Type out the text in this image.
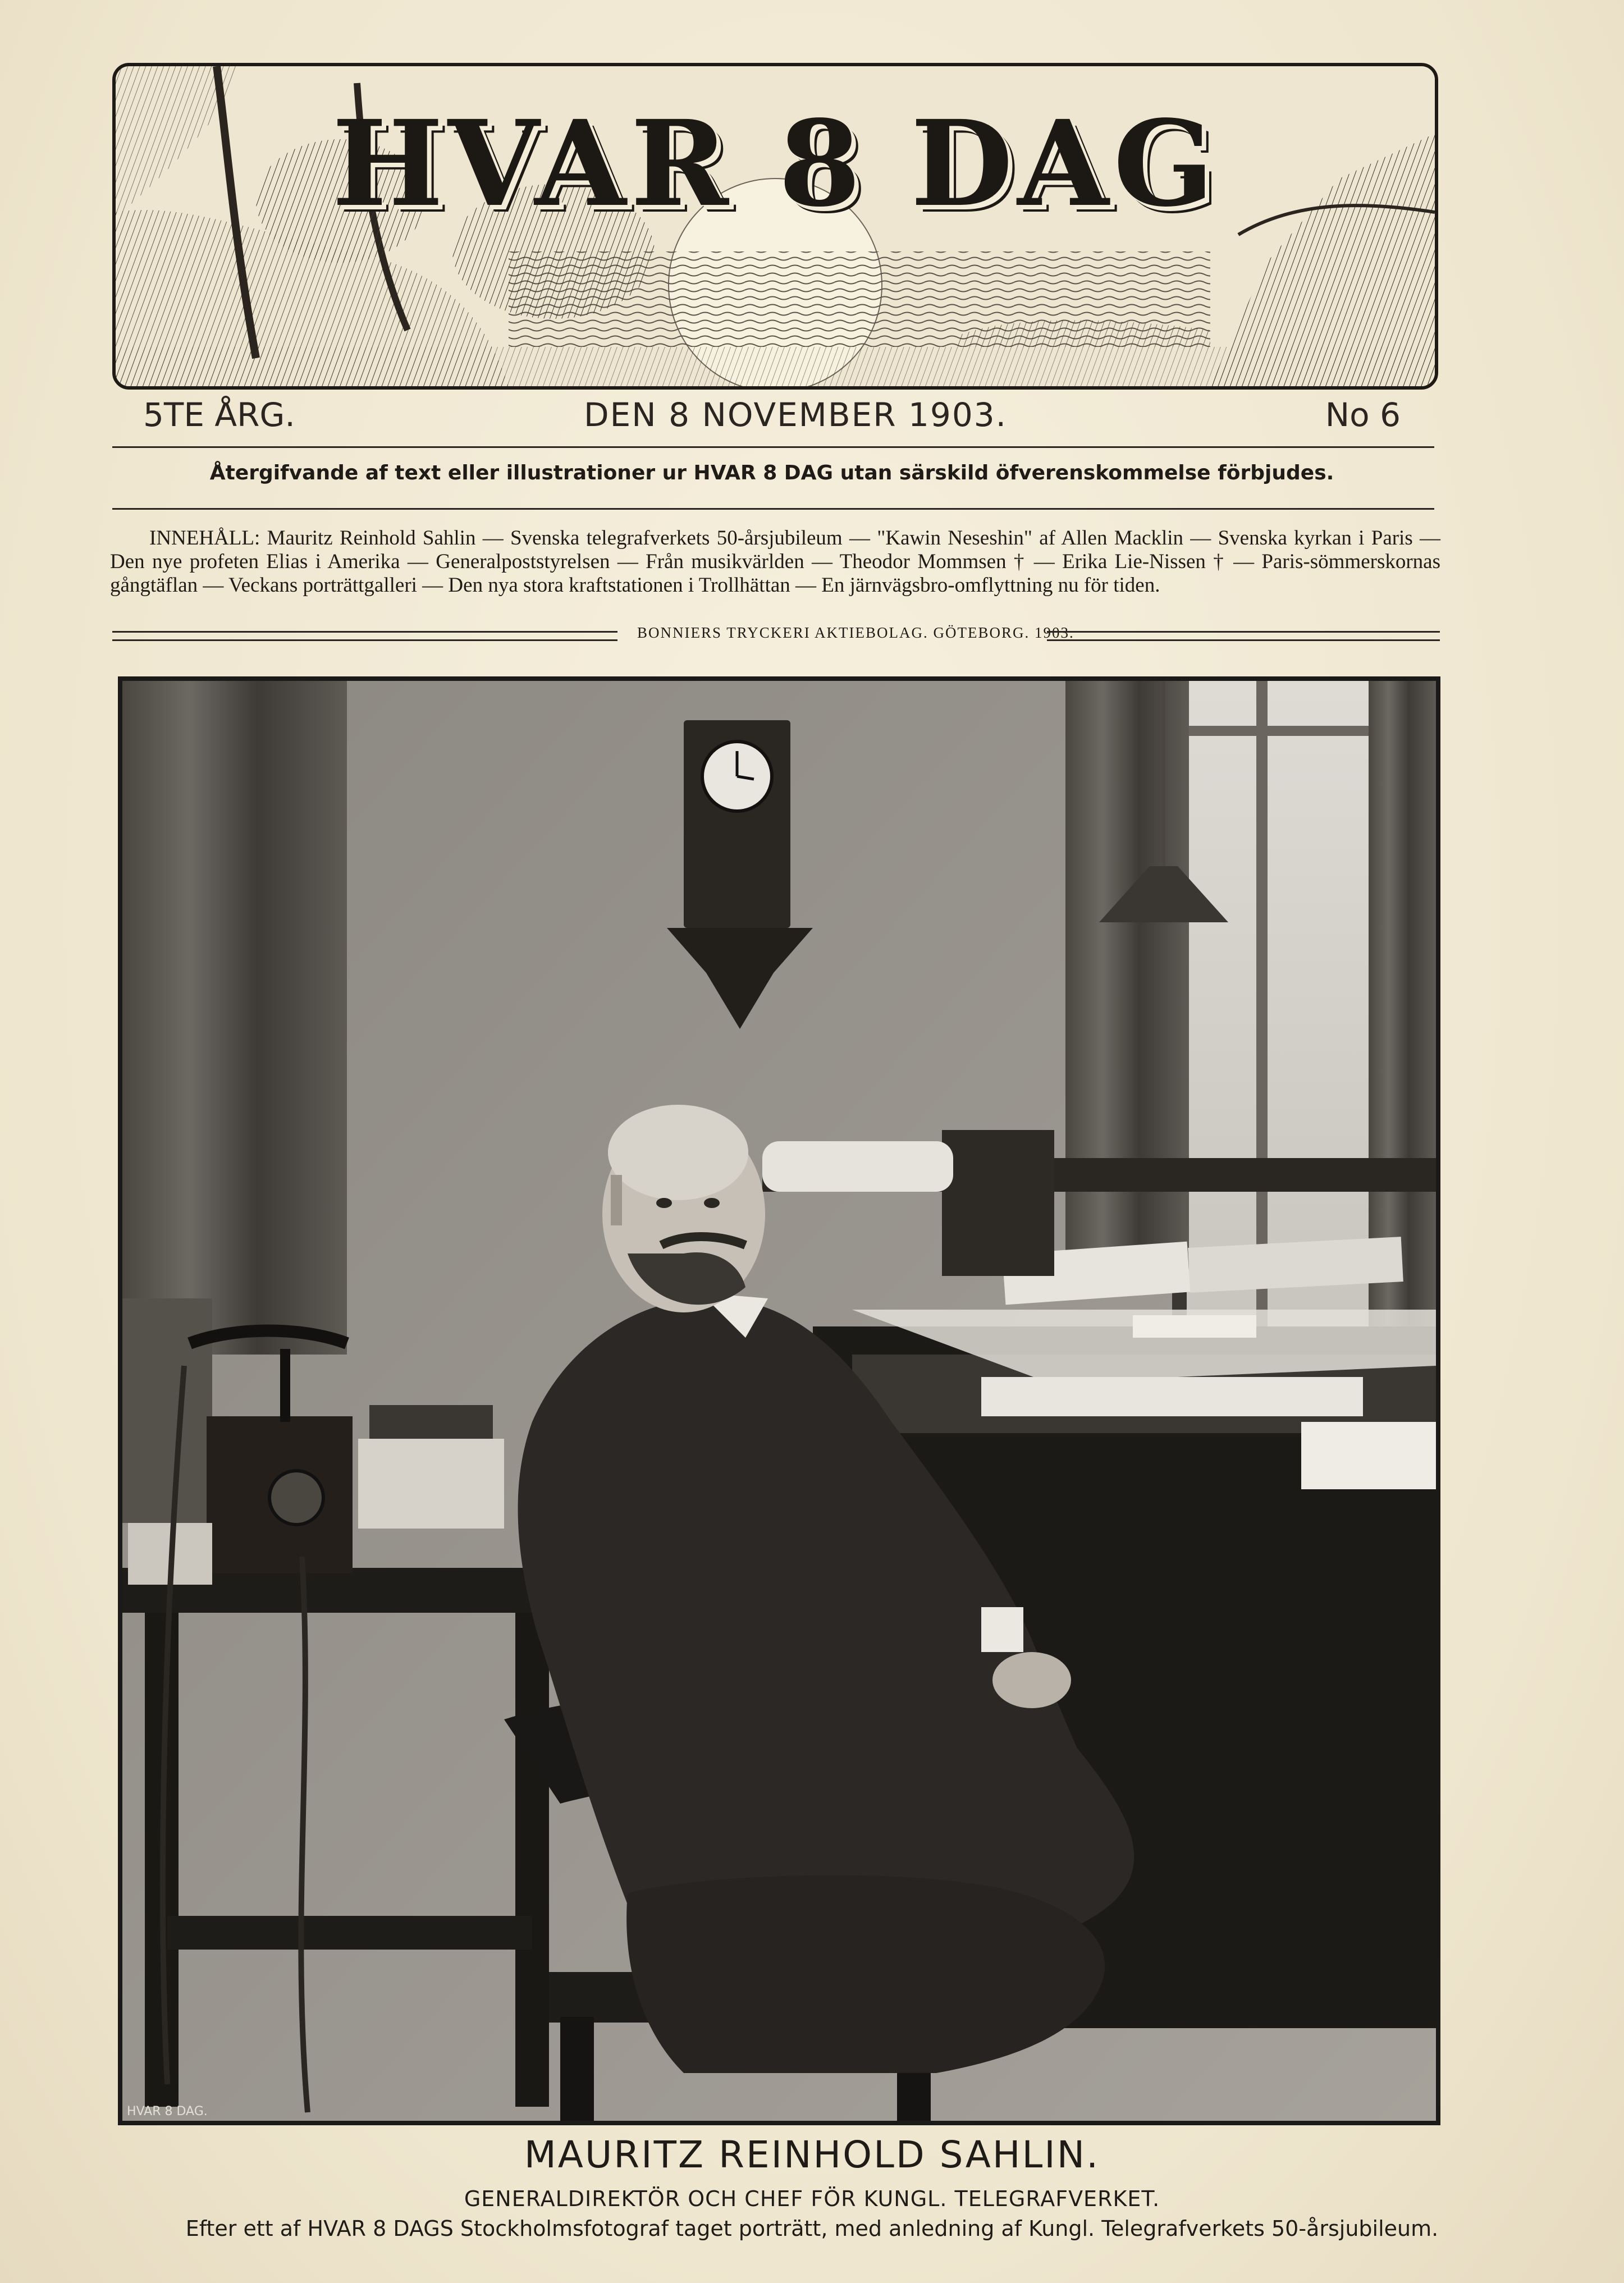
HVAR 8 DAG
5TE ÅRG.	DEN 8 NOVEMBER 1903.	No 6
Återgifvande af text eller illustrationer ur HVAR 8 DAG utan särskild öfverenskommelse förbjudes.
INNEHÅLL: Mauritz Reinhold Sahlin — Svenska telegrafverkets 50-årsjubileum — "Kawin Neseshin" af Allen Macklin — Svenska kyrkan i Paris — Den nye profeten Elias i Amerika — Generalpoststyrelsen — Från musikvärlden — Theodor Mommsen † — Erika Lie-Nissen † — Paris-sömmerskornas gångtäflan — Veckans porträttgalleri — Den nya stora kraftstationen i Trollhättan — En järnvägsbro-omflyttning nu för tiden.
BONNIERS TRYCKERI AKTIEBOLAG. GÖTEBORG. 1903.
HVAR 8 DAG.
MAURITZ REINHOLD SAHLIN.
GENERALDIREKTÖR OCH CHEF FÖR KUNGL. TELEGRAFVERKET.
Efter ett af HVAR 8 DAGS Stockholmsfotograf taget porträtt, med anledning af Kungl. Telegrafverkets 50-årsjubileum.
